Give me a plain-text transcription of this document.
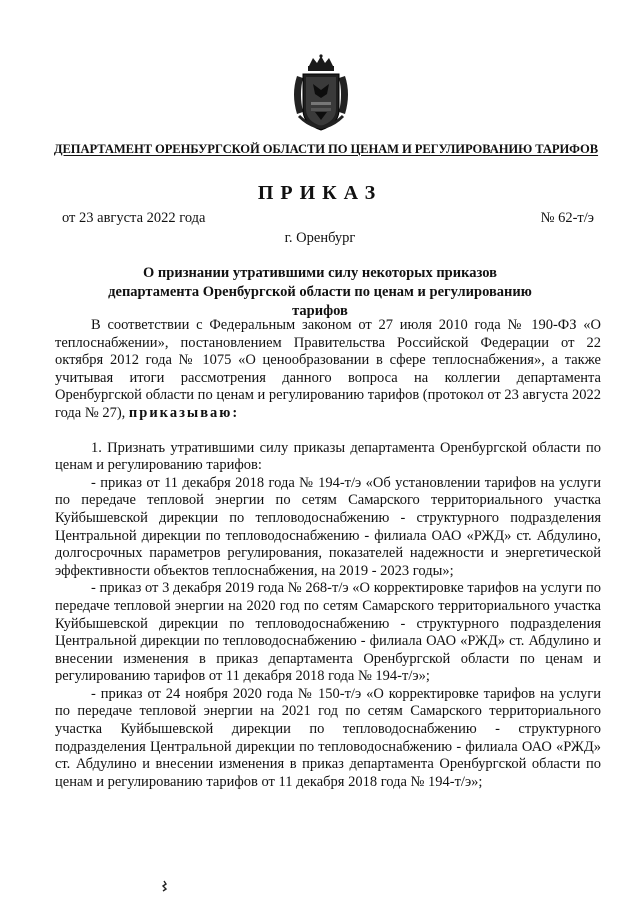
ДЕПАРТАМЕНТ ОРЕНБУРГСКОЙ ОБЛАСТИ ПО ЦЕНАМ И РЕГУЛИРОВАНИЮ ТАРИФОВ
ПРИКАЗ
от 23 августа 2022 года	№ 62-т/э
г. Оренбург
О признании утратившими силу некоторых приказов департамента Оренбургской области по ценам и регулированию тарифов

В соответствии с Федеральным законом от 27 июля 2010 года № 190-ФЗ «О теплоснабжении», постановлением Правительства Российской Федерации от 22 октября 2012 года № 1075 «О ценообразовании в сфере теплоснабжения», а также учитывая итоги рассмотрения данного вопроса на коллегии департамента Оренбургской области по ценам и регулированию тарифов (протокол от 23 августа 2022 года № 27), приказываю:

1. Признать утратившими силу приказы департамента Оренбургской области по ценам и регулированию тарифов:

- приказ от 11 декабря 2018 года № 194-т/э «Об установлении тарифов на услуги по передаче тепловой энергии по сетям Самарского территориального участка Куйбышевской дирекции по тепловодоснабжению - структурного подразделения Центральной дирекции по тепловодоснабжению - филиала ОАО «РЖД» ст. Абдулино, долгосрочных параметров регулирования, показателей надежности и энергетической эффективности объектов теплоснабжения, на 2019 - 2023 годы»;

- приказ от 3 декабря 2019 года № 268-т/э «О корректировке тарифов на услуги по передаче тепловой энергии на 2020 год по сетям Самарского территориального участка Куйбышевской дирекции по тепловодоснабжению - структурного подразделения Центральной дирекции по тепловодоснабжению - филиала ОАО «РЖД» ст. Абдулино и внесении изменения в приказ департамента Оренбургской области по ценам и регулированию тарифов от 11 декабря 2018 года № 194-т/э»;

- приказ от 24 ноября 2020 года № 150-т/э «О корректировке тарифов на услуги по передаче тепловой энергии на 2021 год по сетям Самарского территориального участка Куйбышевской дирекции по тепловодоснабжению - структурного подразделения Центральной дирекции по тепловодоснабжению - филиала ОАО «РЖД» ст. Абдулино и внесении изменения в приказ департамента Оренбургской области по ценам и регулированию тарифов от 11 декабря 2018 года № 194-т/э»;
